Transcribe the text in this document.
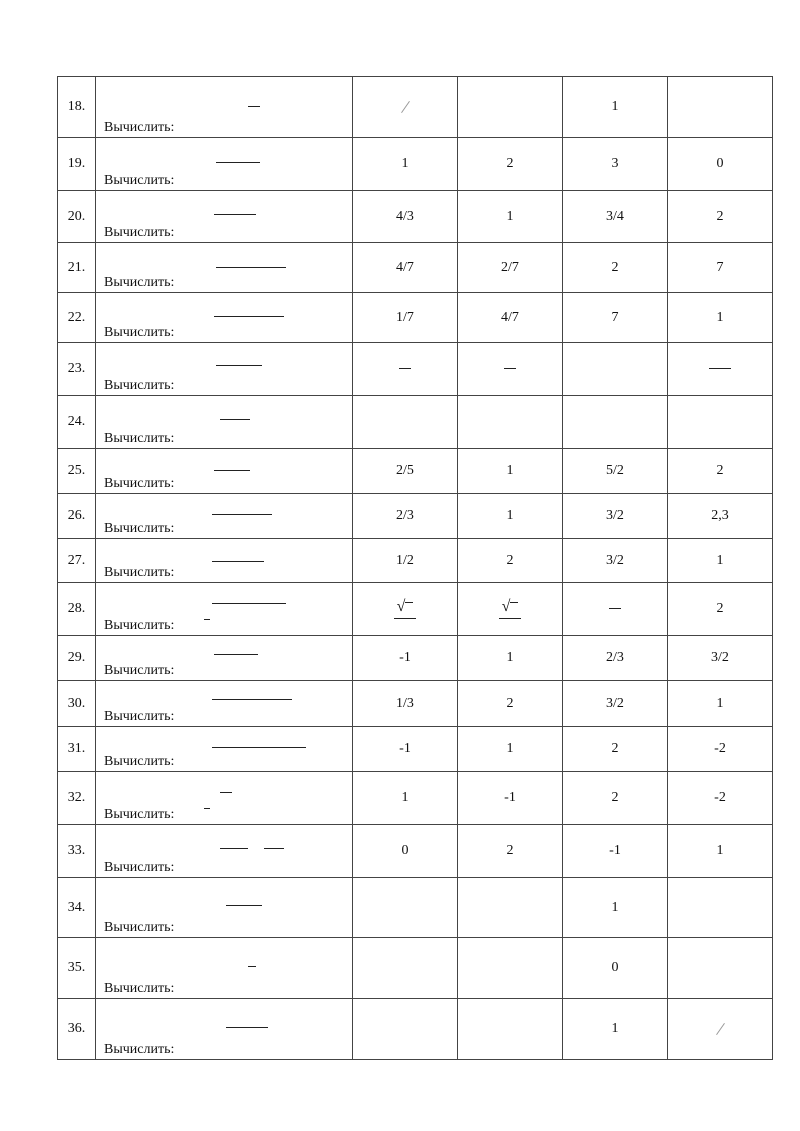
18.	Вычислить:			1	
19.	Вычислить:	1	2	3	0
20.	Вычислить:	4/3	1	3/4	2
21.	Вычислить:	4/7	2/7	2	7
22.	Вычислить:	1/7	4/7	7	1
23.	Вычислить:				

24.	Вычислить:				

25.	Вычислить:	2/5	1	5/2	2
26.	Вычислить:	2/3	1	3/2	2,3
27.	Вычислить:	1/2	2	3/2	1
28.	Вычислить:	√	√		2
29.	Вычислить:	-1	1	2/3	3/2
30.	Вычислить:	1/3	2	3/2	1
31.	Вычислить:	-1	1	2	-2
32.	Вычислить:	1	-1	2	-2
33.	Вычислить:	0	2	-1	1
34.	Вычислить:			1	
35.	Вычислить:			0	
36.	Вычислить:			1	
